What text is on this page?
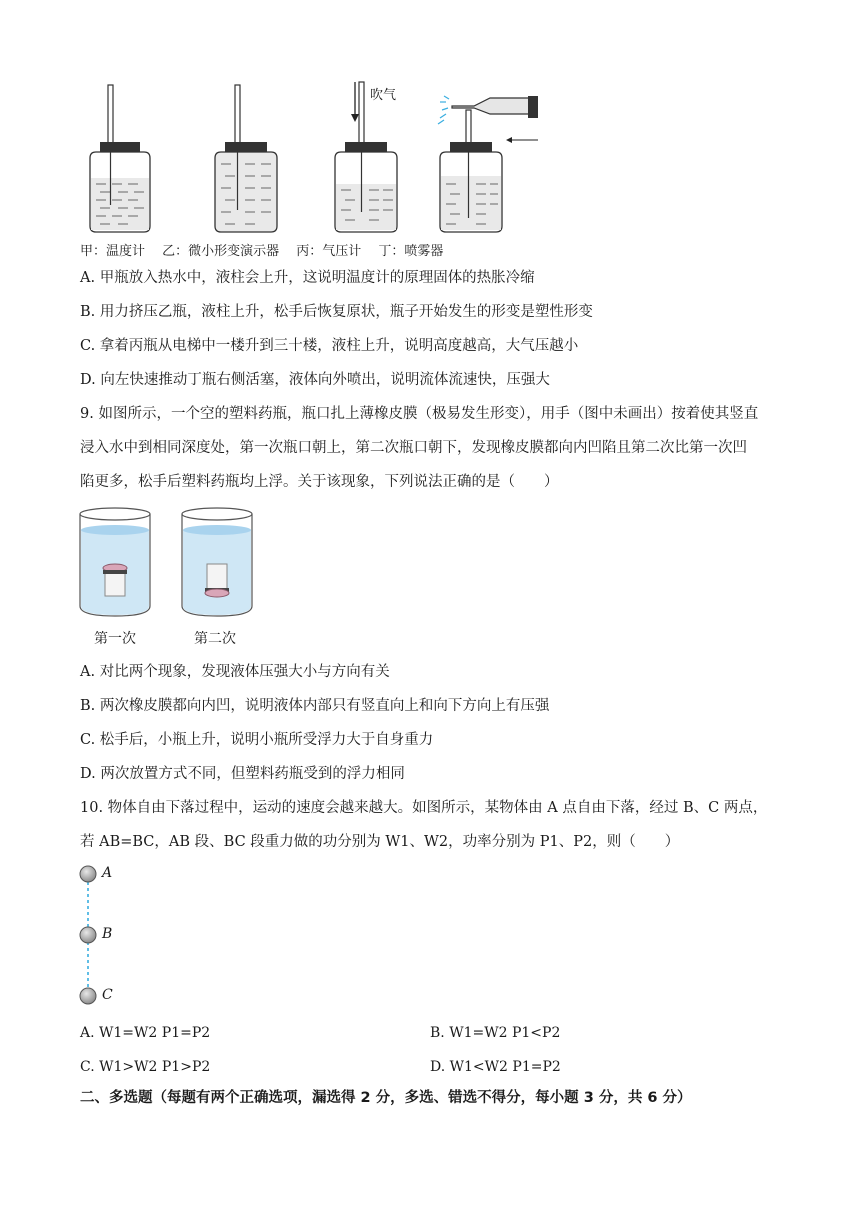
吹气
甲：温度计　 乙：微小形变演示器　 丙：气压计　 丁：喷雾器
A. 甲瓶放入热水中，液柱会上升，这说明温度计的原理固体的热胀冷缩
B. 用力挤压乙瓶，液柱上升，松手后恢复原状，瓶子开始发生的形变是塑性形变
C. 拿着丙瓶从电梯中一楼升到三十楼，液柱上升，说明高度越高，大气压越小
D. 向左快速推动丁瓶右侧活塞，液体向外喷出，说明流体流速快，压强大
9. 如图所示，一个空的塑料药瓶，瓶口扎上薄橡皮膜（极易发生形变），用手（图中未画出）按着使其竖直
浸入水中到相同深度处，第一次瓶口朝上，第二次瓶口朝下，发现橡皮膜都向内凹陷且第二次比第一次凹
陷更多，松手后塑料药瓶均上浮。关于该现象，下列说法正确的是（　　）
第一次	第二次
A. 对比两个现象，发现液体压强大小与方向有关
B. 两次橡皮膜都向内凹，说明液体内部只有竖直向上和向下方向上有压强
C. 松手后，小瓶上升，说明小瓶所受浮力大于自身重力
D. 两次放置方式不同，但塑料药瓶受到的浮力相同
10. 物体自由下落过程中，运动的速度会越来越大。如图所示，某物体由 A 点自由下落，经过 B、C 两点，
若 AB=BC，AB 段、BC 段重力做的功分别为 W1、W2，功率分别为 P1、P2，则（　　）
A
B
C
A. W1=W2 P1=P2	B. W1=W2 P1<P2
C. W1>W2 P1>P2	D. W1<W2 P1=P2
二、多选题（每题有两个正确选项，漏选得 2 分，多选、错选不得分，每小题 3 分，共 6 分）
